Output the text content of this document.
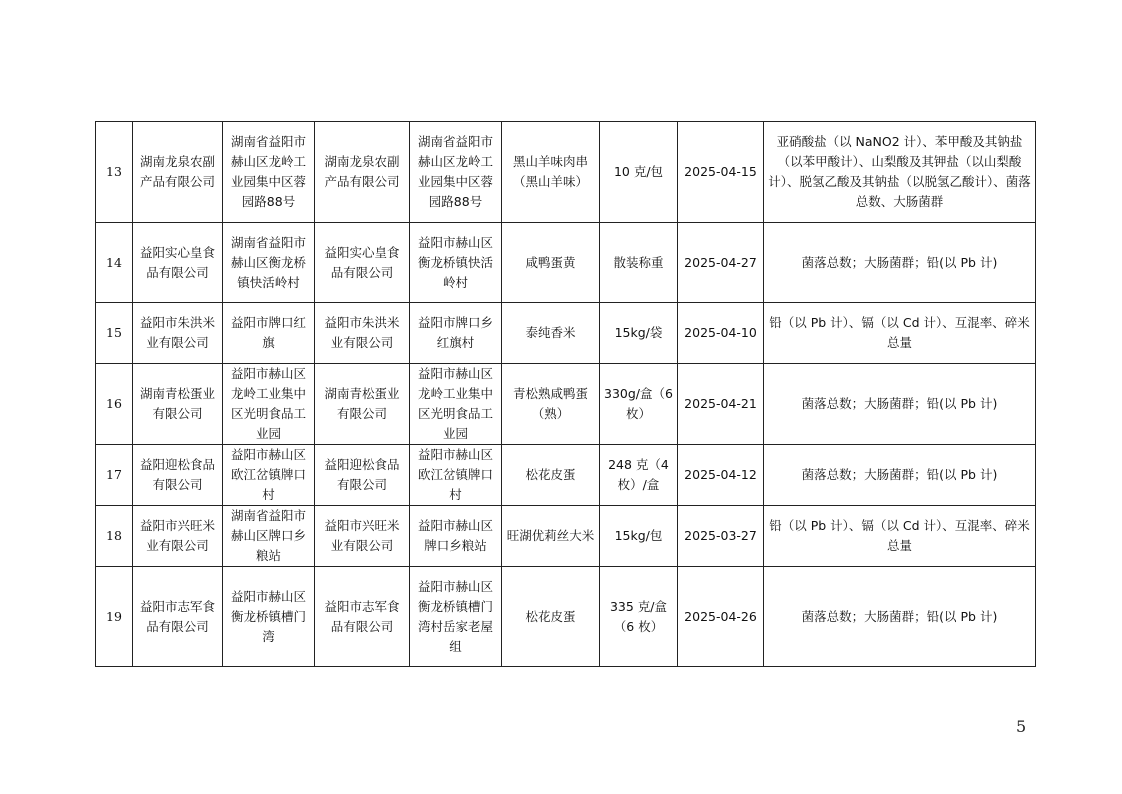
13	湖南龙泉农副产品有限公司	湖南省益阳市赫山区龙岭工业园集中区蓉园路88号	湖南龙泉农副产品有限公司	湖南省益阳市赫山区龙岭工业园集中区蓉园路88号	黑山羊味肉串（黑山羊味）	10 克/包	2025-04-15	亚硝酸盐（以 NaNO2 计）、苯甲酸及其钠盐（以苯甲酸计）、山梨酸及其钾盐（以山梨酸计）、脱氢乙酸及其钠盐（以脱氢乙酸计）、菌落总数、大肠菌群
14	益阳实心皇食品有限公司	湖南省益阳市赫山区衡龙桥镇快活岭村	益阳实心皇食品有限公司	益阳市赫山区衡龙桥镇快活岭村	咸鸭蛋黄	散装称重	2025-04-27	菌落总数；大肠菌群；铅(以 Pb 计)
15	益阳市朱洪米业有限公司	益阳市牌口红旗	益阳市朱洪米业有限公司	益阳市牌口乡红旗村	泰纯香米	15kg/袋	2025-04-10	铅（以 Pb 计）、镉（以 Cd 计）、互混率、碎米总量
16	湖南青松蛋业有限公司	益阳市赫山区龙岭工业集中区光明食品工业园	湖南青松蛋业有限公司	益阳市赫山区龙岭工业集中区光明食品工业园	青松熟咸鸭蛋（熟）	330g/盒（6枚）	2025-04-21	菌落总数；大肠菌群；铅(以 Pb 计)
17	益阳迎松食品有限公司	益阳市赫山区欧江岔镇牌口村	益阳迎松食品有限公司	益阳市赫山区欧江岔镇牌口村	松花皮蛋	248 克（4枚）/盒	2025-04-12	菌落总数；大肠菌群；铅(以 Pb 计)
18	益阳市兴旺米业有限公司	湖南省益阳市赫山区牌口乡粮站	益阳市兴旺米业有限公司	益阳市赫山区牌口乡粮站	旺湖优莉丝大米	15kg/包	2025-03-27	铅（以 Pb 计）、镉（以 Cd 计）、互混率、碎米总量
19	益阳市志军食品有限公司	益阳市赫山区衡龙桥镇槽门湾	益阳市志军食品有限公司	益阳市赫山区衡龙桥镇槽门湾村岳家老屋组	松花皮蛋	335 克/盒（6 枚）	2025-04-26	菌落总数；大肠菌群；铅(以 Pb 计)
5
